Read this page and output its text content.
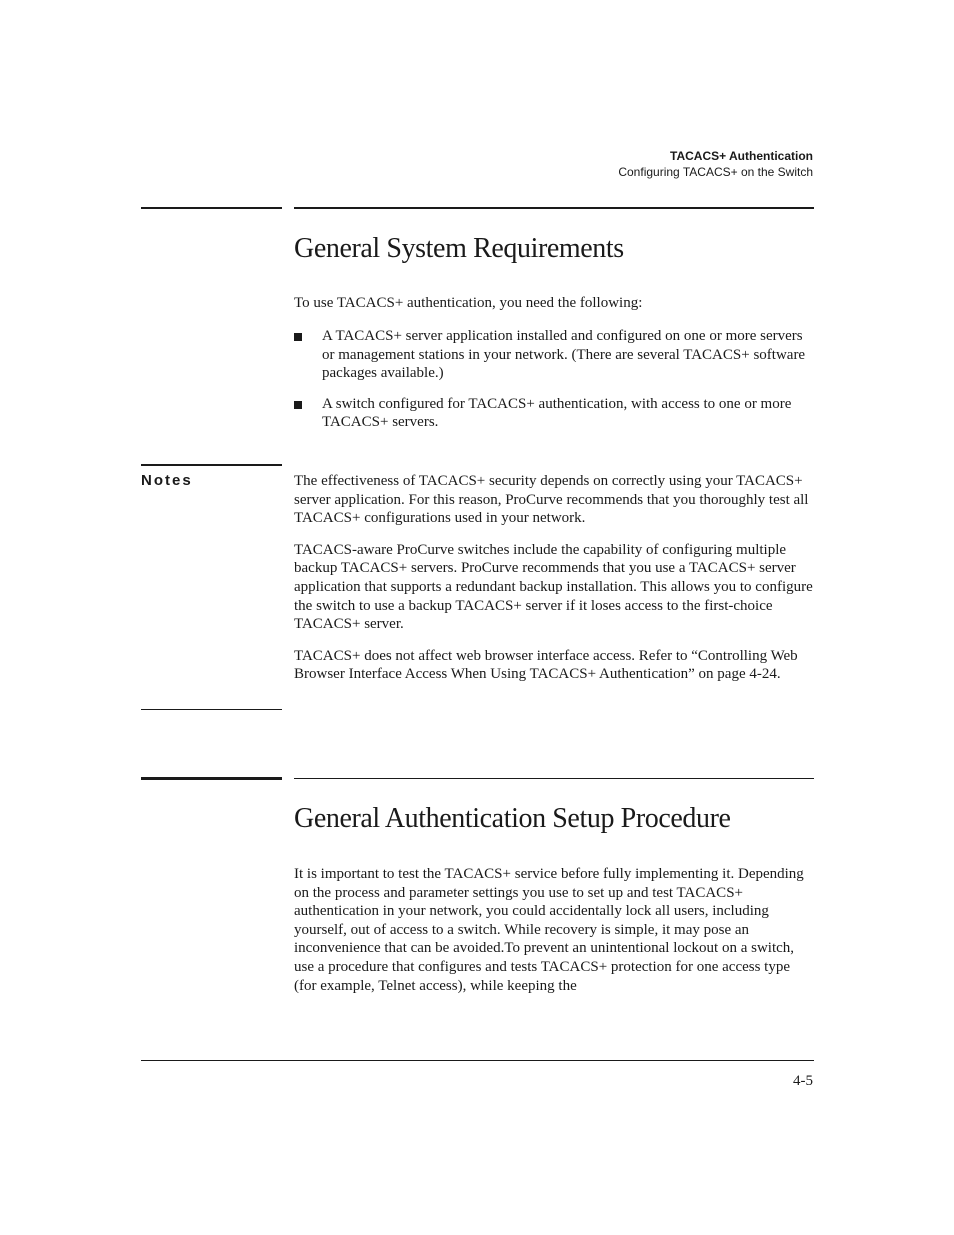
TACACS+ Authentication
Configuring TACACS+ on the Switch
General System Requirements

To use TACACS+ authentication, you need the following:

A TACACS+ server application installed and configured on one or more servers or management stations in your network. (There are several TACACS+ software packages available.)
A switch configured for TACACS+ authentication, with access to one or more TACACS+ servers.
Notes	The effectiveness of TACACS+ security depends on correctly using your TACACS+ server application. For this reason, ProCurve recommends that you thoroughly test all TACACS+ configurations used in your network.

TACACS-aware ProCurve switches include the capability of configuring multiple backup TACACS+ servers. ProCurve recommends that you use a TACACS+ server application that supports a redundant backup installation. This allows you to configure the switch to use a backup TACACS+ server if it loses access to the first-choice TACACS+ server.

TACACS+ does not affect web browser interface access. Refer to “Controlling Web Browser Interface Access When Using TACACS+ Authentication” on page 4-24.

General Authentication Setup Procedure

It is important to test the TACACS+ service before fully implementing it. Depending on the process and parameter settings you use to set up and test TACACS+ authentication in your network, you could accidentally lock all users, including yourself, out of access to a switch. While recovery is simple, it may pose an inconvenience that can be avoided.To prevent an unintentional lockout on a switch, use a procedure that configures and tests TACACS+ protection for one access type (for example, Telnet access), while keeping the

4-5
